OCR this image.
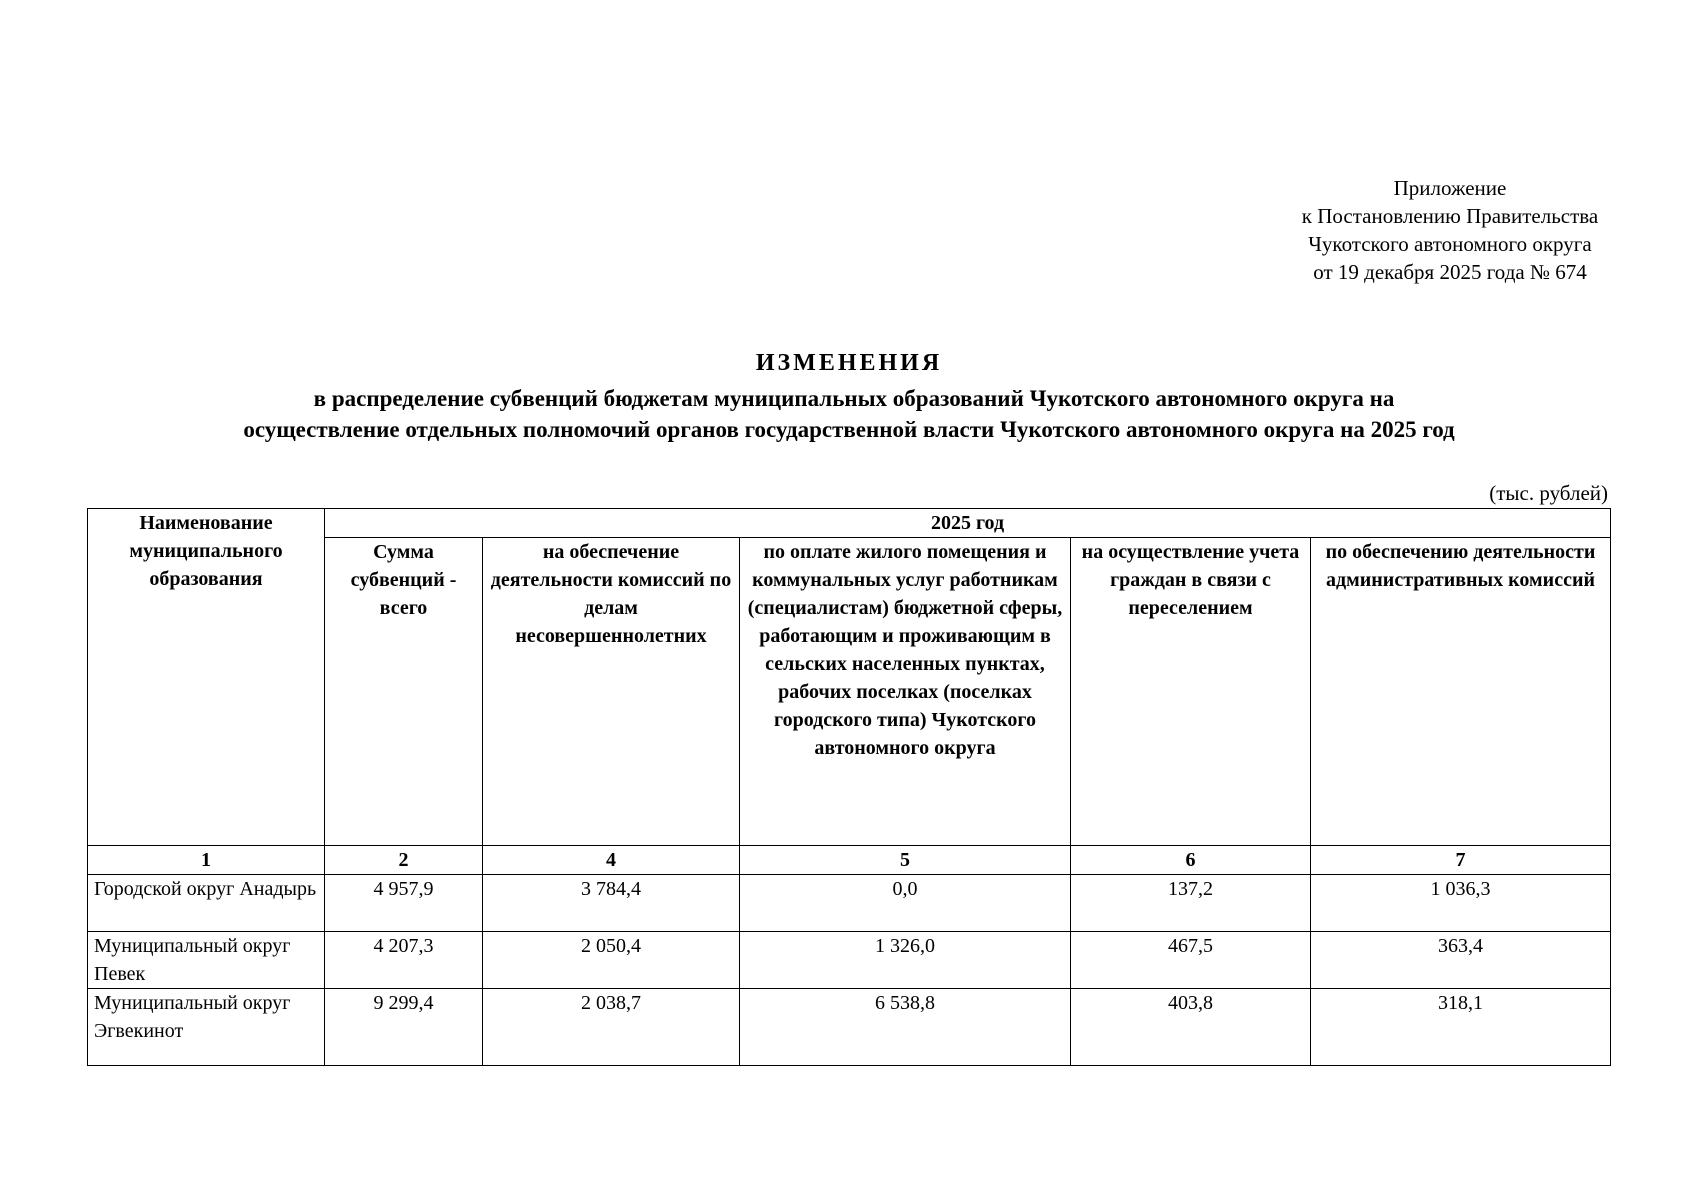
Приложение
к Постановлению Правительства
Чукотского автономного округа
от 19 декабря 2025 года № 674
ИЗМЕНЕНИЯ
в распределение субвенций бюджетам муниципальных образований Чукотского автономного округа на
осуществление отдельных полномочий органов государственной власти Чукотского автономного округа на 2025 год
(тыс. рублей)
Наименование муниципального образования	2025 год				
	Сумма субвенций - всего	на обеспечение деятельности комиссий по делам несовершеннолетних	по оплате жилого помещения и коммунальных услуг работникам (специалистам) бюджетной сферы, работающим и проживающим в сельских населенных пунктах, рабочих поселках (поселках городского типа) Чукотского автономного округа	на осуществление учета граждан в связи с переселением	по обеспечению деятельности административных комиссий
1	2	4	5	6	7
Городской округ Анадырь	4 957,9	3 784,4	0,0	137,2	1 036,3
Муниципальный округ Певек	4 207,3	2 050,4	1 326,0	467,5	363,4
Муниципальный округ Эгвекинот	9 299,4	2 038,7	6 538,8	403,8	318,1
